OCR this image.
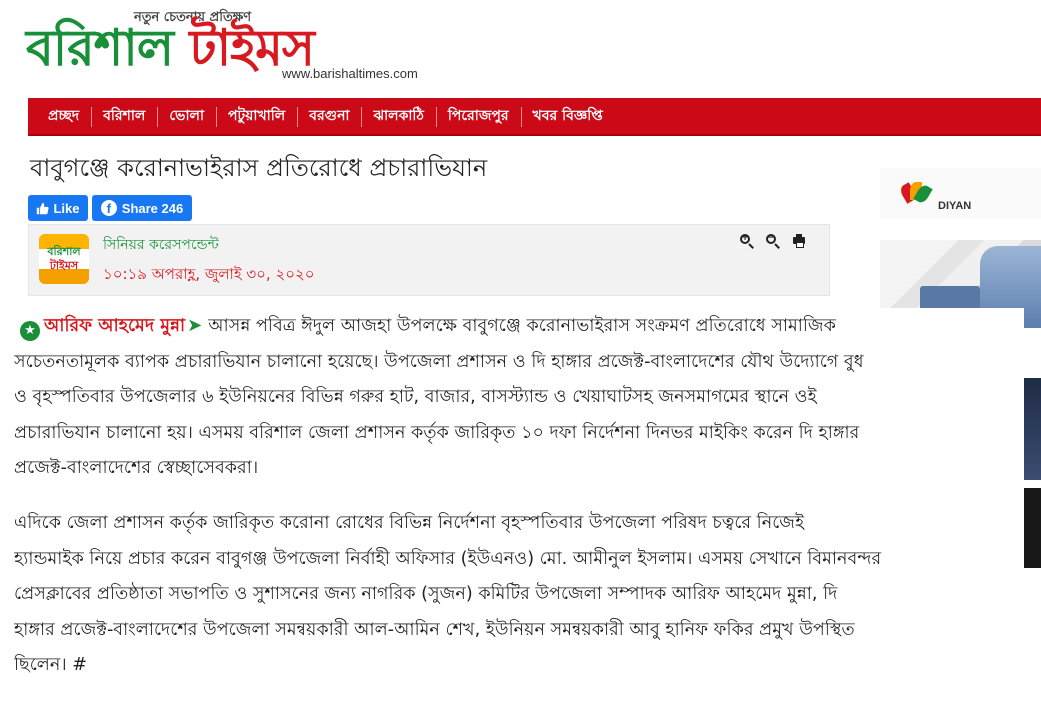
নতুন চেতনায় প্রতিক্ষণ
বরিশাল টাইমস
www.barishaltimes.com
প্রচ্ছদ	বরিশাল	ভোলা	পটুয়াখালি	বরগুনা	ঝালকাঠি	পিরোজপুর	খবর বিজ্ঞপ্তি
বাবুগঞ্জে করোনাভাইরাস প্রতিরোধে প্রচারাভিযান
Like	f Share 246
বরিশাল
টাইমস
সিনিয়র করেসপন্ডেন্ট
১০:১৯ অপরাহ্ণ, জুলাই ৩০, ২০২০
+ −
DIYAN

★ আরিফ আহমেদ মুন্না ➤ আসন্ন পবিত্র ঈদুল আজহা উপলক্ষে বাবুগঞ্জে করোনাভাইরাস সংক্রমণ প্রতিরোধে সামাজিক
সচেতনতামূলক ব্যাপক প্রচারাভিযান চালানো হয়েছে। উপজেলা প্রশাসন ও দি হাঙ্গার প্রজেক্ট-বাংলাদেশের যৌথ উদ্যোগে বুধ
ও বৃহস্পতিবার উপজেলার ৬ ইউনিয়নের বিভিন্ন গরুর হাট, বাজার, বাসস্ট্যান্ড ও খেয়াঘাটসহ জনসমাগমের স্থানে ওই
প্রচারাভিযান চালানো হয়। এসময় বরিশাল জেলা প্রশাসন কর্তৃক জারিকৃত ১০ দফা নির্দেশনা দিনভর মাইকিং করেন দি হাঙ্গার
প্রজেক্ট-বাংলাদেশের স্বেচ্ছাসেবকরা।

এদিকে জেলা প্রশাসন কর্তৃক জারিকৃত করোনা রোধের বিভিন্ন নির্দেশনা বৃহস্পতিবার উপজেলা পরিষদ চত্বরে নিজেই
হ্যান্ডমাইক নিয়ে প্রচার করেন বাবুগঞ্জ উপজেলা নির্বাহী অফিসার (ইউএনও) মো. আমীনুল ইসলাম। এসময় সেখানে বিমানবন্দর
প্রেসক্লাবের প্রতিষ্ঠাতা সভাপতি ও সুশাসনের জন্য নাগরিক (সুজন) কমিটির উপজেলা সম্পাদক আরিফ আহমেদ মুন্না, দি
হাঙ্গার প্রজেক্ট-বাংলাদেশের উপজেলা সমন্বয়কারী আল-আমিন শেখ, ইউনিয়ন সমন্বয়কারী আবু হানিফ ফকির প্রমুখ উপস্থিত
ছিলেন। #
